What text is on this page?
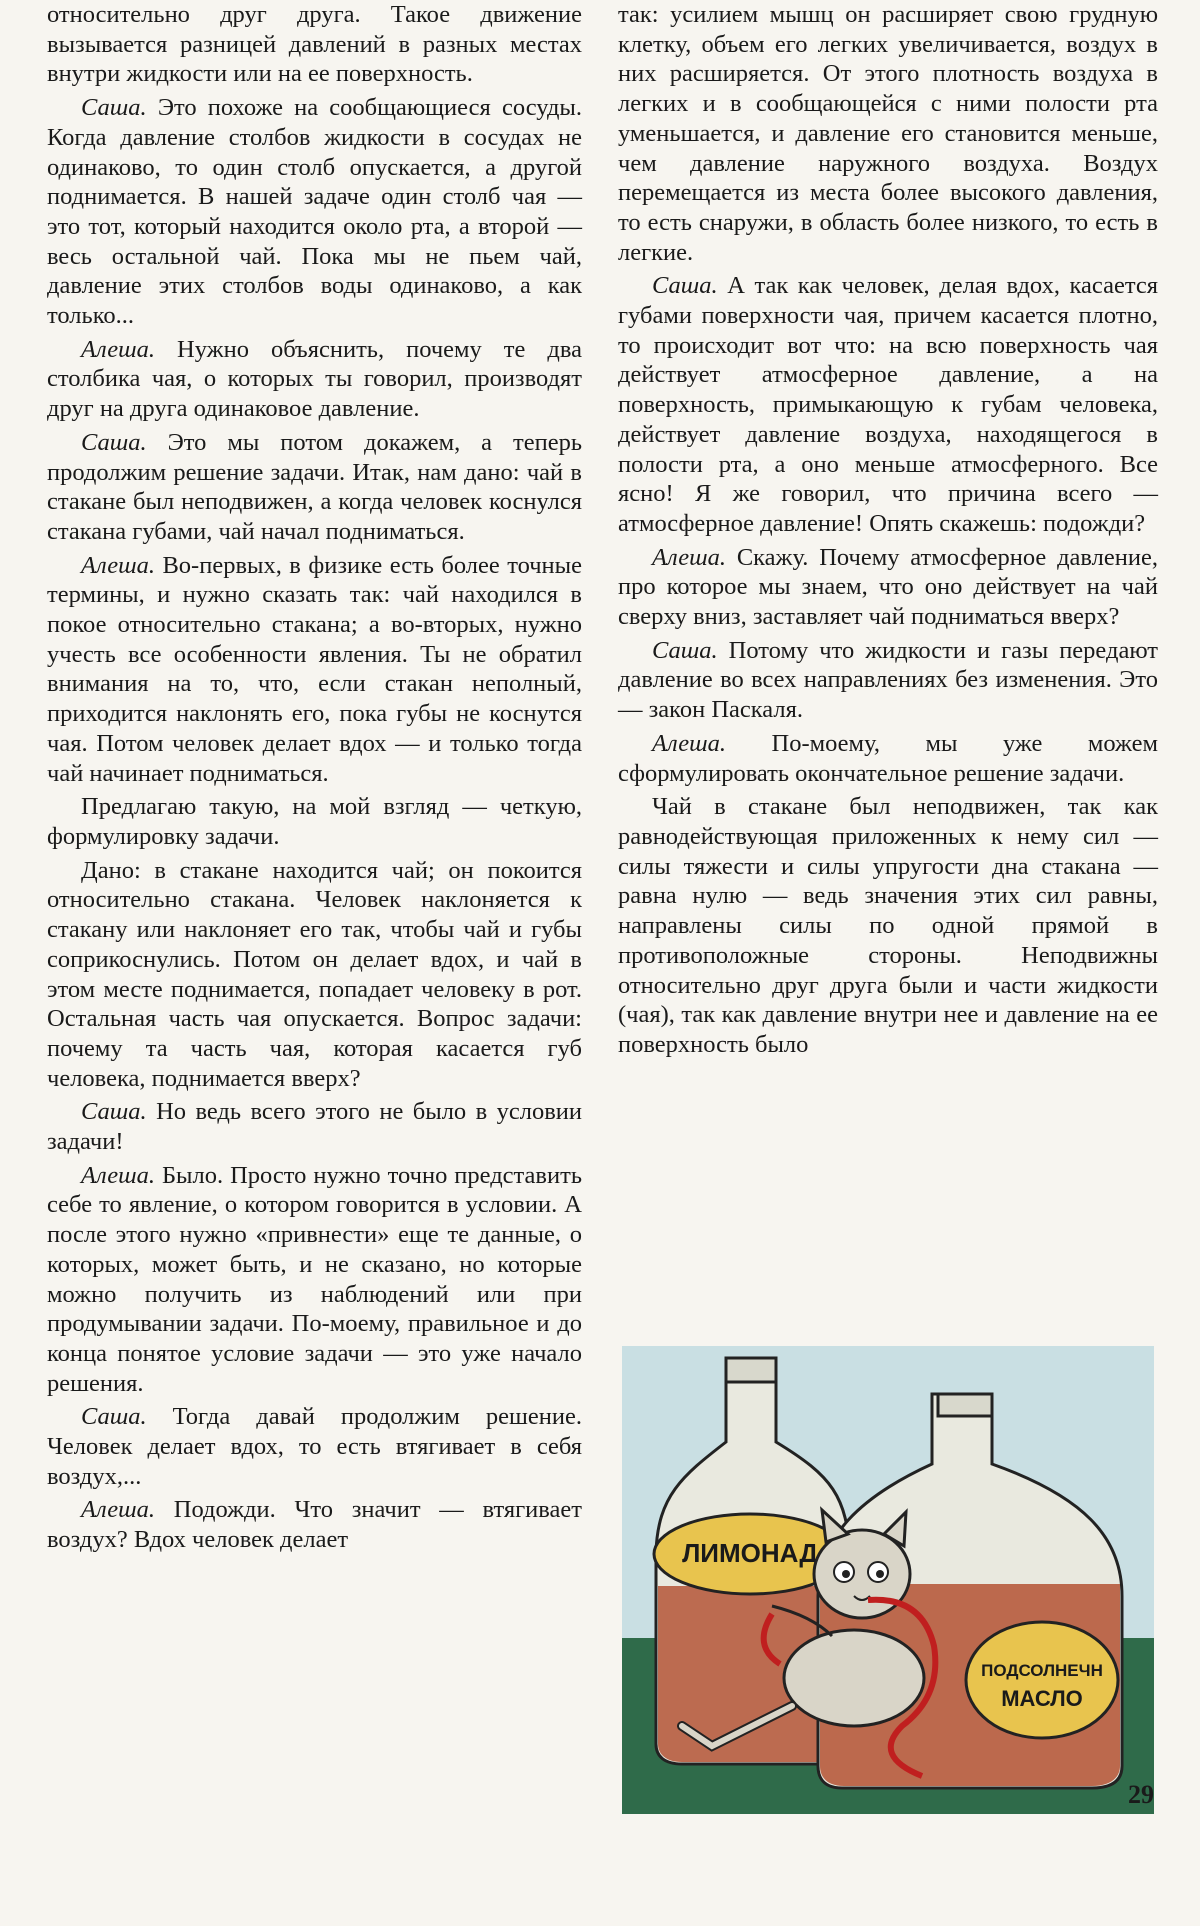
относительно друг друга. Такое движение вызывается разницей давлений в разных местах внутри жидкости или на ее поверхность.

Саша. Это похоже на сообщающиеся сосуды. Когда давление столбов жидкости в сосудах не одинаково, то один столб опускается, а другой поднимается. В нашей задаче один столб чая — это тот, который находится около рта, а второй — весь остальной чай. Пока мы не пьем чай, давление этих столбов воды одинаково, а как только...

Алеша. Нужно объяснить, почему те два столбика чая, о которых ты говорил, производят друг на друга одинаковое давление.

Саша. Это мы потом докажем, а теперь продолжим решение задачи. Итак, нам дано: чай в стакане был неподвижен, а когда человек коснулся стакана губами, чай начал подниматься.

Алеша. Во-первых, в физике есть более точные термины, и нужно сказать так: чай находился в покое относительно стакана; а во-вторых, нужно учесть все особенности явления. Ты не обратил внимания на то, что, если стакан неполный, приходится наклонять его, пока губы не коснутся чая. Потом человек делает вдох — и только тогда чай начинает подниматься.

Предлагаю такую, на мой взгляд — четкую, формулировку задачи.

Дано: в стакане находится чай; он покоится относительно стакана. Человек наклоняется к стакану или наклоняет его так, чтобы чай и губы соприкоснулись. Потом он делает вдох, и чай в этом месте поднимается, попадает человеку в рот. Остальная часть чая опускается. Вопрос задачи: почему та часть чая, которая касается губ человека, поднимается вверх?

Саша. Но ведь всего этого не было в условии задачи!

Алеша. Было. Просто нужно точно представить себе то явление, о котором говорится в условии. А после этого нужно «привнести» еще те данные, о которых, может быть, и не сказано, но которые можно получить из наблюдений или при продумывании задачи. По-моему, правильное и до конца понятое условие задачи — это уже начало решения.

Саша. Тогда давай продолжим решение. Человек делает вдох, то есть втягивает в себя воздух,...

Алеша. Подожди. Что значит — втягивает воздух? Вдох человек делает

так: усилием мышц он расширяет свою грудную клетку, объем его легких увеличивается, воздух в них расширяется. От этого плотность воздуха в легких и в сообщающейся с ними полости рта уменьшается, и давление его становится меньше, чем давление наружного воздуха. Воздух перемещается из места более высокого давления, то есть снаружи, в область более низкого, то есть в легкие.

Саша. А так как человек, делая вдох, касается губами поверхности чая, причем касается плотно, то происходит вот что: на всю поверхность чая действует атмосферное давление, а на поверхность, примыкающую к губам человека, действует давление воздуха, находящегося в полости рта, а оно меньше атмосферного. Все ясно! Я же говорил, что причина всего — атмосферное давление! Опять скажешь: подожди?

Алеша. Скажу. Почему атмосферное давление, про которое мы знаем, что оно действует на чай сверху вниз, заставляет чай подниматься вверх?

Саша. Потому что жидкости и газы передают давление во всех направлениях без изменения. Это — закон Паскаля.

Алеша. По-моему, мы уже можем сформулировать окончательное решение задачи.

Чай в стакане был неподвижен, так как равнодействующая приложенных к нему сил — силы тяжести и силы упругости дна стакана — равна нулю — ведь значения этих сил равны, направлены силы по одной прямой в противоположные стороны. Неподвижны относительно друг друга были и части жидкости (чая), так как давление внутри нее и давление на ее поверхность было

ЛИМОНАД
ПОДСОЛНЕЧН
МАСЛО
29
